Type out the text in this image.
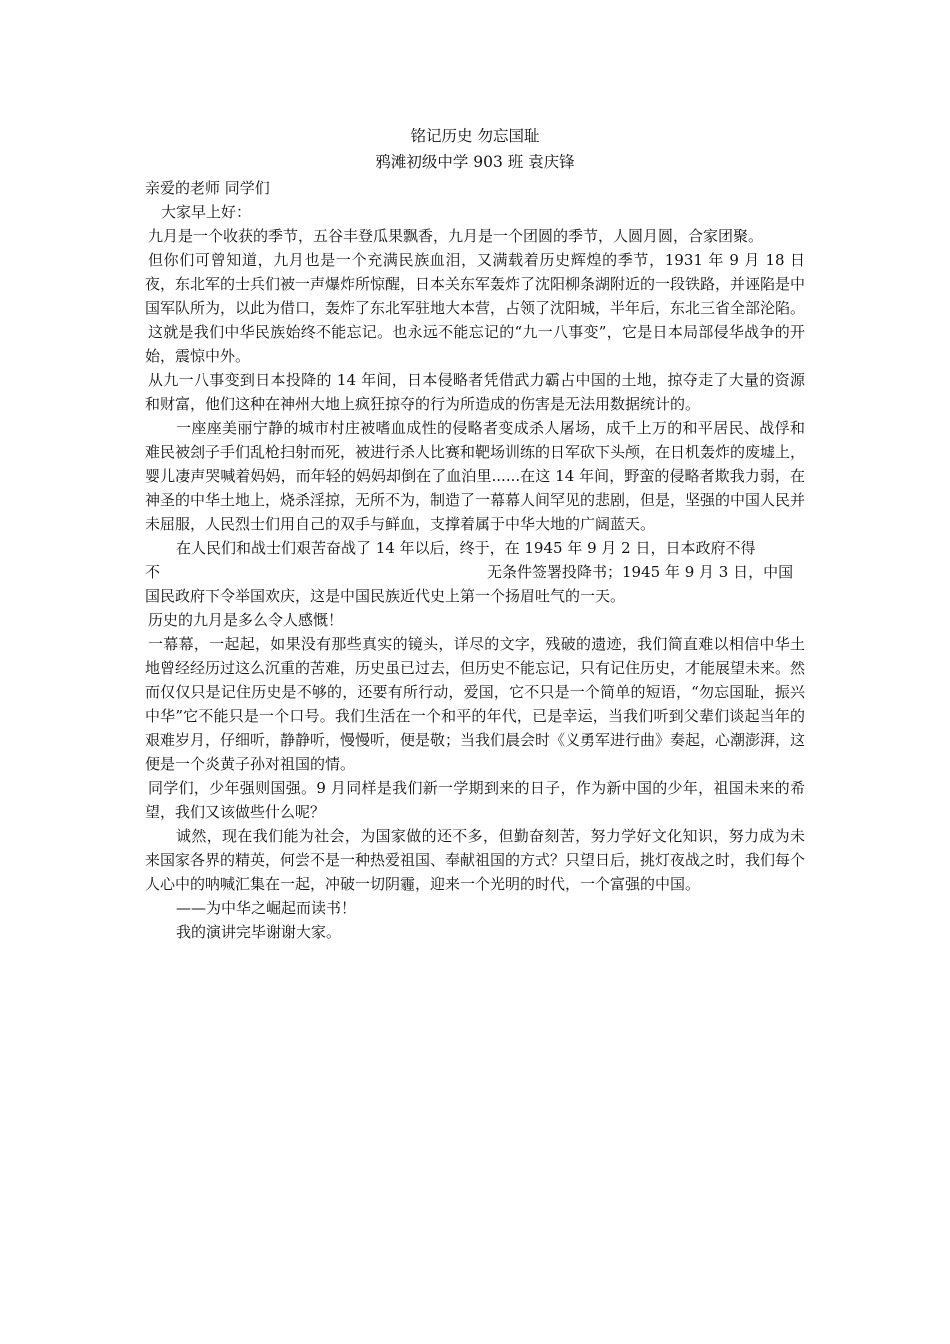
铭记历史 勿忘国耻
鸦滩初级中学 903 班 袁庆锋

亲爱的老师 同学们

大家早上好：

九月是一个收获的季节，五谷丰登瓜果飘香，九月是一个团圆的季节，人圆月圆，合家团聚。

但你们可曾知道，九月也是一个充满民族血泪，又满载着历史辉煌的季节，1931 年 9 月 18 日夜，东北军的士兵们被一声爆炸所惊醒，日本关东军轰炸了沈阳柳条湖附近的一段铁路，并诬陷是中国军队所为，以此为借口，轰炸了东北军驻地大本营，占领了沈阳城，半年后，东北三省全部沦陷。

这就是我们中华民族始终不能忘记。也永远不能忘记的“九一八事变”，它是日本局部侵华战争的开始，震惊中外。

从九一八事变到日本投降的 14 年间，日本侵略者凭借武力霸占中国的土地，掠夺走了大量的资源和财富，他们这种在神州大地上疯狂掠夺的行为所造成的伤害是无法用数据统计的。

一座座美丽宁静的城市村庄被嗜血成性的侵略者变成杀人屠场，成千上万的和平居民、战俘和难民被刽子手们乱枪扫射而死，被进行杀人比赛和靶场训练的日军砍下头颅，在日机轰炸的废墟上，婴儿凄声哭喊着妈妈，而年轻的妈妈却倒在了血泊里......在这 14 年间，野蛮的侵略者欺我力弱，在神圣的中华土地上，烧杀淫掠，无所不为，制造了一幕幕人间罕见的悲剧，但是，坚强的中国人民并未屈服，人民烈士们用自己的双手与鲜血，支撑着属于中华大地的广阔蓝天。

在人民们和战士们艰苦奋战了 14 年以后，终于，在 1945 年 9 月 2 日，日本政府不得

不	无条件签署投降书；1945 年 9 月 3 日，中国

国民政府下令举国欢庆，这是中国民族近代史上第一个扬眉吐气的一天。

历史的九月是多么令人感慨！

一幕幕，一起起，如果没有那些真实的镜头，详尽的文字，残破的遗迹，我们简直难以相信中华土地曾经经历过这么沉重的苦难，历史虽已过去，但历史不能忘记，只有记住历史，才能展望未来。然而仅仅只是记住历史是不够的，还要有所行动，爱国，它不只是一个简单的短语，“勿忘国耻，振兴中华”它不能只是一个口号。我们生活在一个和平的年代，已是幸运，当我们听到父辈们谈起当年的艰难岁月，仔细听，静静听，慢慢听，便是敬；当我们晨会时《义勇军进行曲》奏起，心潮澎湃，这便是一个炎黄子孙对祖国的情。

同学们，少年强则国强。9 月同样是我们新一学期到来的日子，作为新中国的少年，祖国未来的希望，我们又该做些什么呢？

诚然，现在我们能为社会，为国家做的还不多，但勤奋刻苦，努力学好文化知识，努力成为未来国家各界的精英，何尝不是一种热爱祖国、奉献祖国的方式？只望日后，挑灯夜战之时，我们每个人心中的呐喊汇集在一起，冲破一切阴霾，迎来一个光明的时代，一个富强的中国。

——为中华之崛起而读书！

我的演讲完毕谢谢大家。
